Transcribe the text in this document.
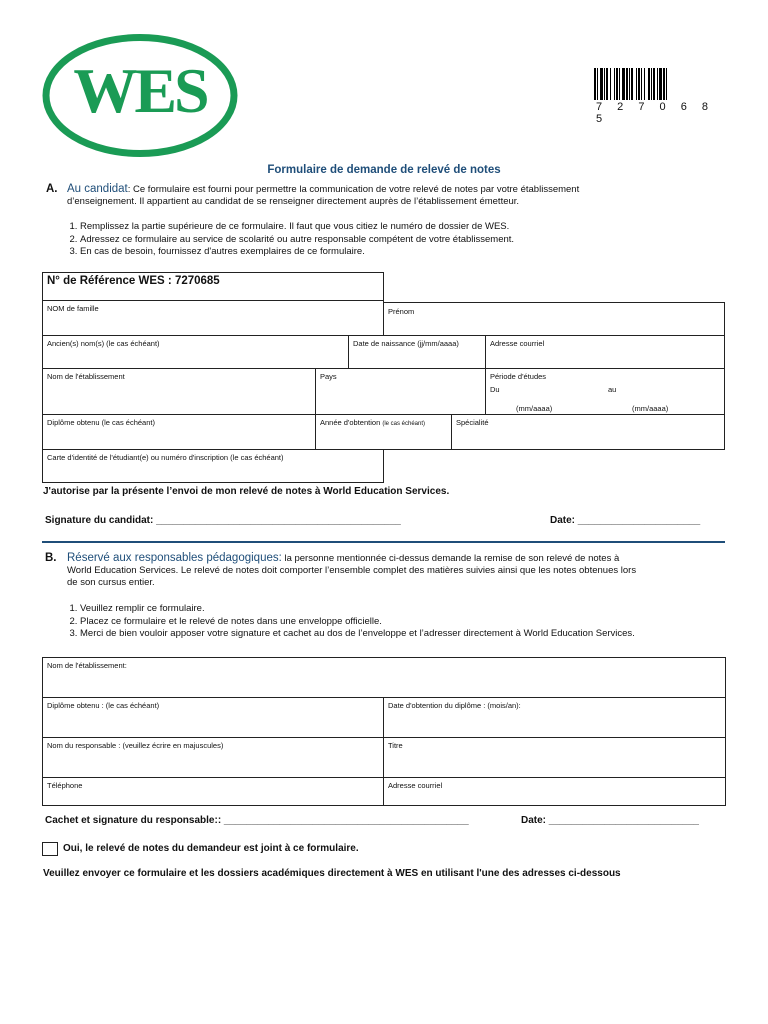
WES	7 2 7 0 6 8 5
Formulaire de demande de relevé de notes
A. Au candidat: Ce formulaire est fourni pour permettre la communication de votre relevé de notes par votre établissement
d’enseignement. Il appartient au candidat de se renseigner directement auprès de l’établissement émetteur.
1. Remplissez la partie supérieure de ce formulaire. Il faut que vous citiez le numéro de dossier de WES.
2. Adressez ce formulaire au service de scolarité ou autre responsable compétent de votre établissement.
3. En cas de besoin, fournissez d'autres exemplaires de ce formulaire.
N° de Référence WES : 7270685
NOM de famille	Prénom
Ancien(s) nom(s) (le cas échéant)	Date de naissance (jj/mm/aaaa)	Adresse courriel
Nom de l'établissement	Pays	Période d'études
Du	au
(mm/aaaa)	(mm/aaaa)
Diplôme obtenu (le cas échéant)	Année d'obtention (le cas échéant)	Spécialité
Carte d'identité de l'étudiant(e) ou numéro d'inscription (le cas échéant)
J'autorise par la présente l’envoi de mon relevé de notes à World Education Services.
Signature du candidat: ____________________________________________	Date: ______________________
B. Réservé aux responsables pédagogiques: la personne mentionnée ci-dessus demande la remise de son relevé de notes à
World Education Services. Le relevé de notes doit comporter l’ensemble complet des matières suivies ainsi que les notes obtenues lors
de son cursus entier.
1. Veuillez remplir ce formulaire.
2. Placez ce formulaire et le relevé de notes dans une enveloppe officielle.
3. Merci de bien vouloir apposer votre signature et cachet au dos de l’enveloppe et l’adresser directement à World Education Services.
Nom de l'établissement:
Diplôme obtenu : (le cas échéant)	Date d'obtention du diplôme : (mois/an):
Nom du responsable : (veuillez écrire en majuscules)	Titre
Téléphone	Adresse courriel
Cachet et signature du responsable:: ____________________________________________	Date: ___________________________
Oui, le relevé de notes du demandeur est joint à ce formulaire.
Veuillez envoyer ce formulaire et les dossiers académiques directement à WES en utilisant l'une des adresses ci-dessous
